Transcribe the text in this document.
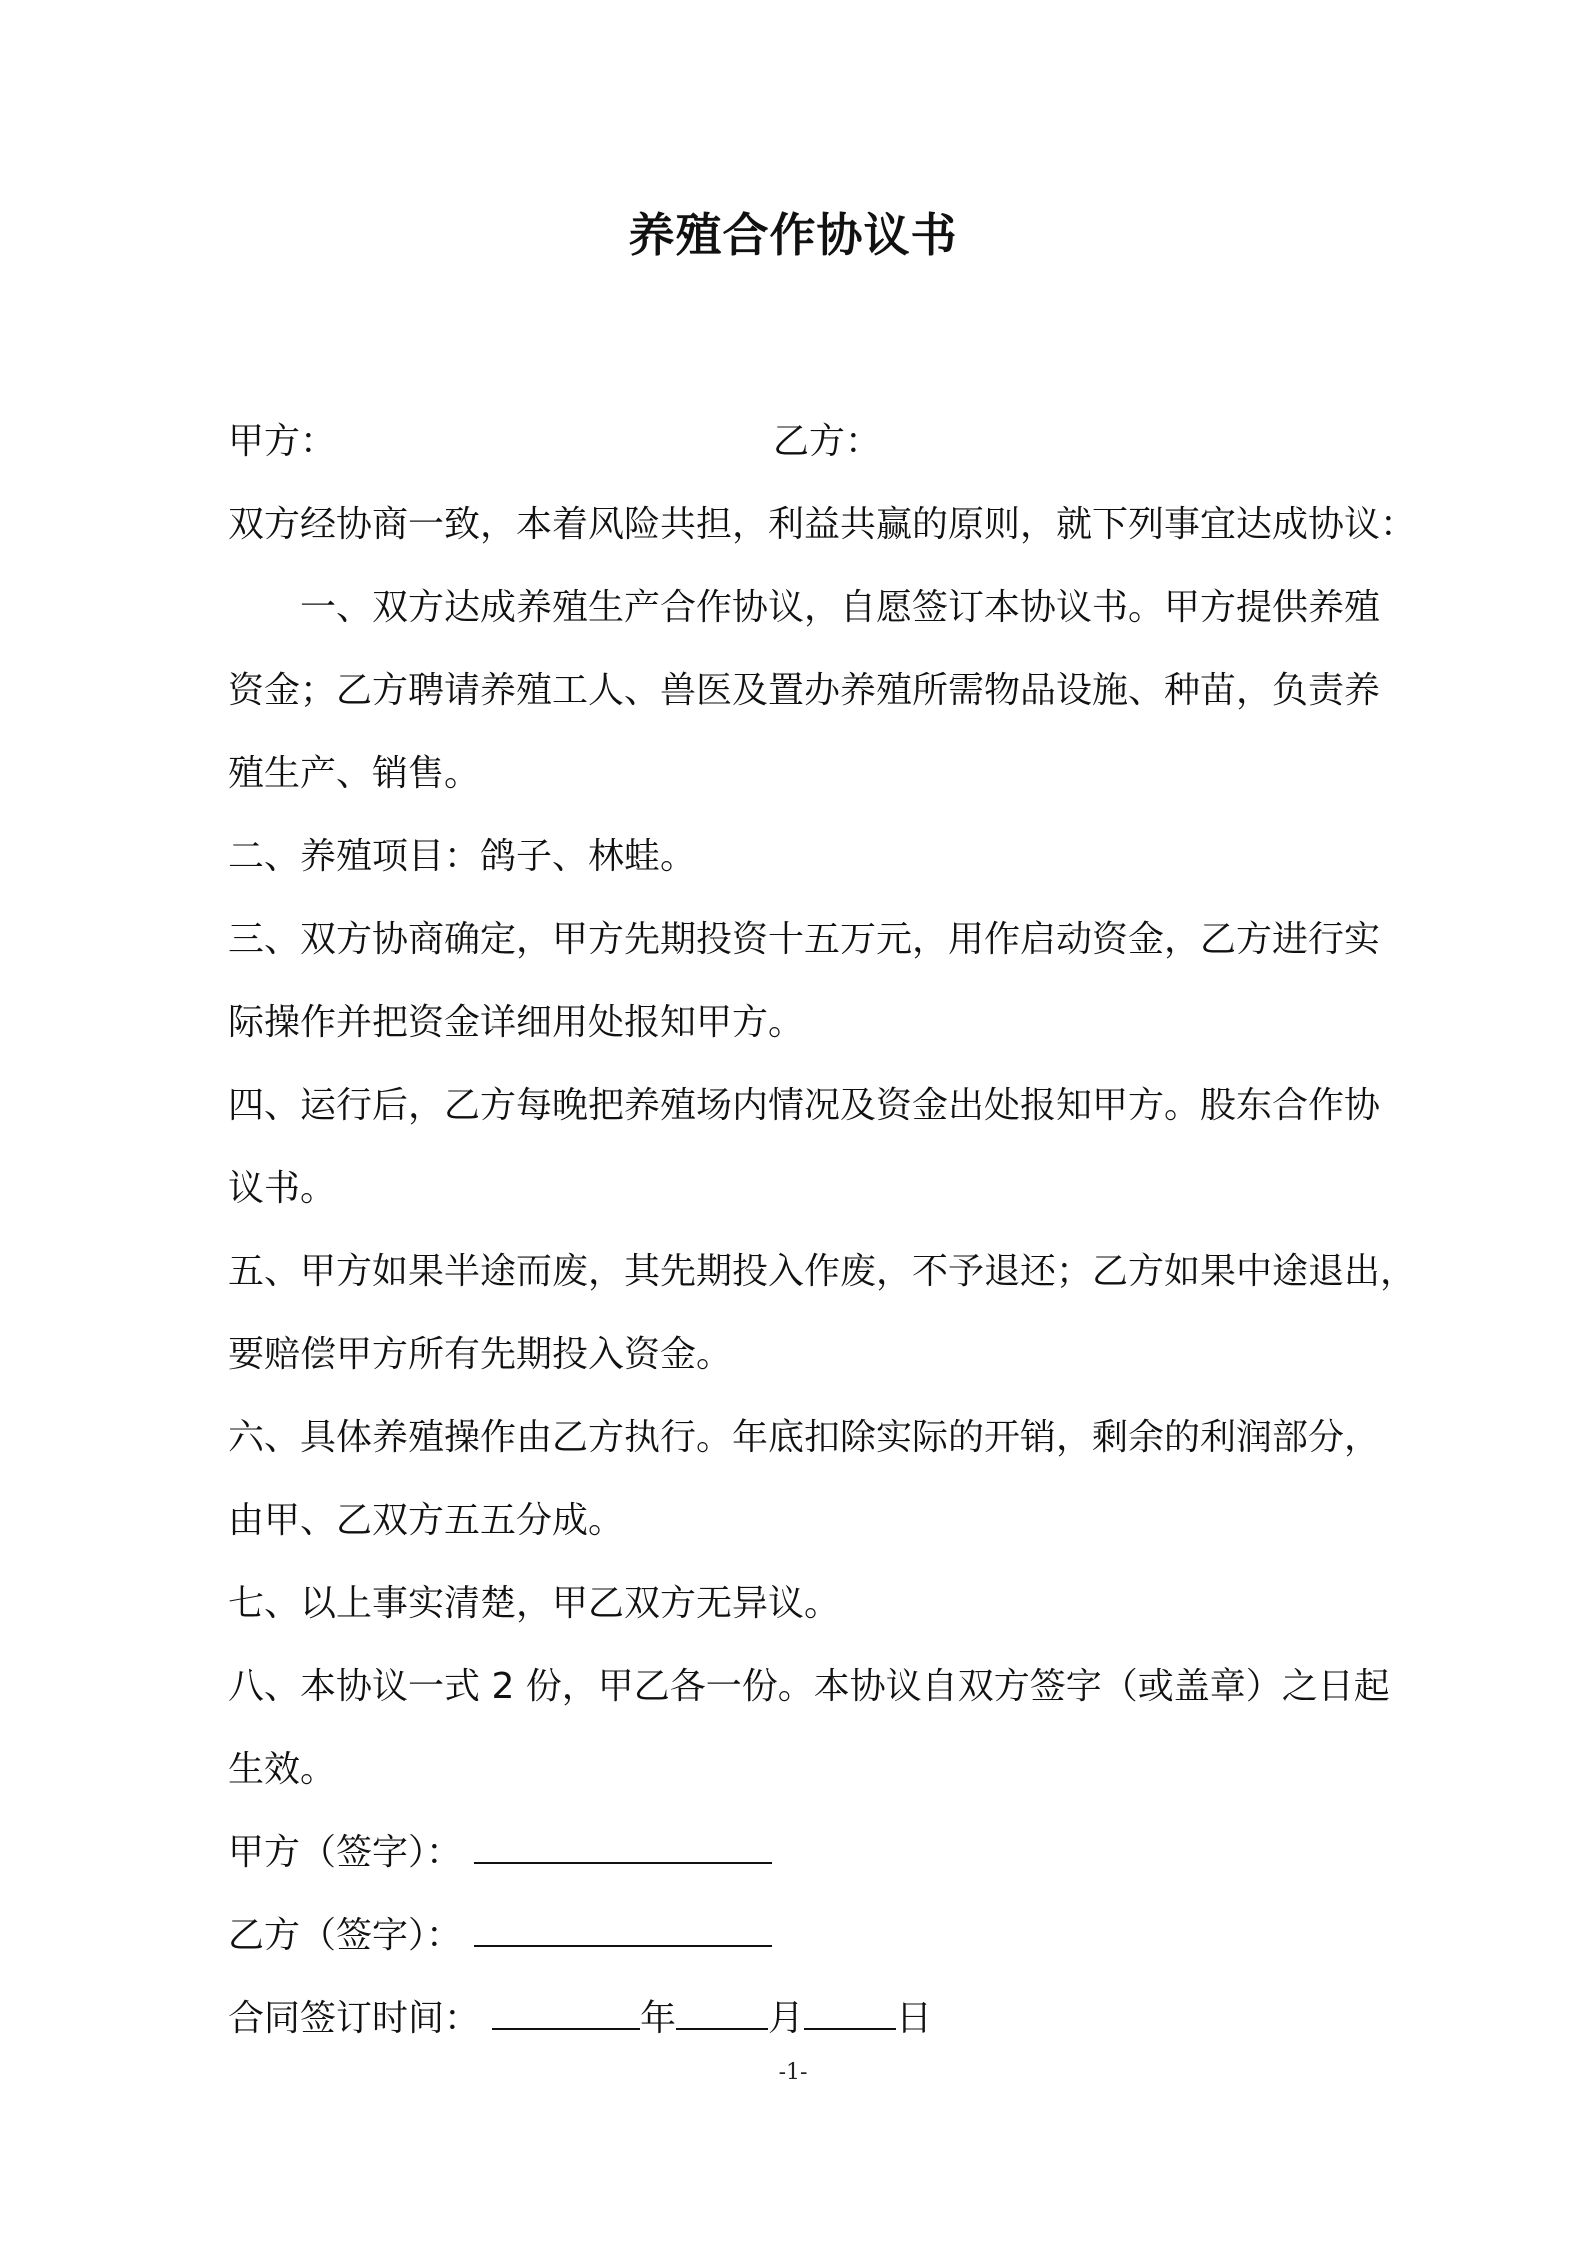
养殖合作协议书
甲方：	乙方：
双方经协商一致，本着风险共担，利益共赢的原则，就下列事宜达成协议：
一、双方达成养殖生产合作协议，自愿签订本协议书。甲方提供养殖
资金；乙方聘请养殖工人、兽医及置办养殖所需物品设施、种苗，负责养
殖生产、销售。
二、养殖项目：鸽子、林蛙。
三、双方协商确定，甲方先期投资十五万元，用作启动资金，乙方进行实
际操作并把资金详细用处报知甲方。
四、运行后，乙方每晚把养殖场内情况及资金出处报知甲方。股东合作协
议书。
五、甲方如果半途而废，其先期投入作废，不予退还；乙方如果中途退出，
要赔偿甲方所有先期投入资金。
六、具体养殖操作由乙方执行。年底扣除实际的开销，剩余的利润部分，
由甲、乙双方五五分成。
七、以上事实清楚，甲乙双方无异议。
八、本协议一式 2 份，甲乙各一份。本协议自双方签字（或盖章）之日起
生效。
甲方（签字）：
乙方（签字）：
合同签订时间：	年	月	日
-1-
